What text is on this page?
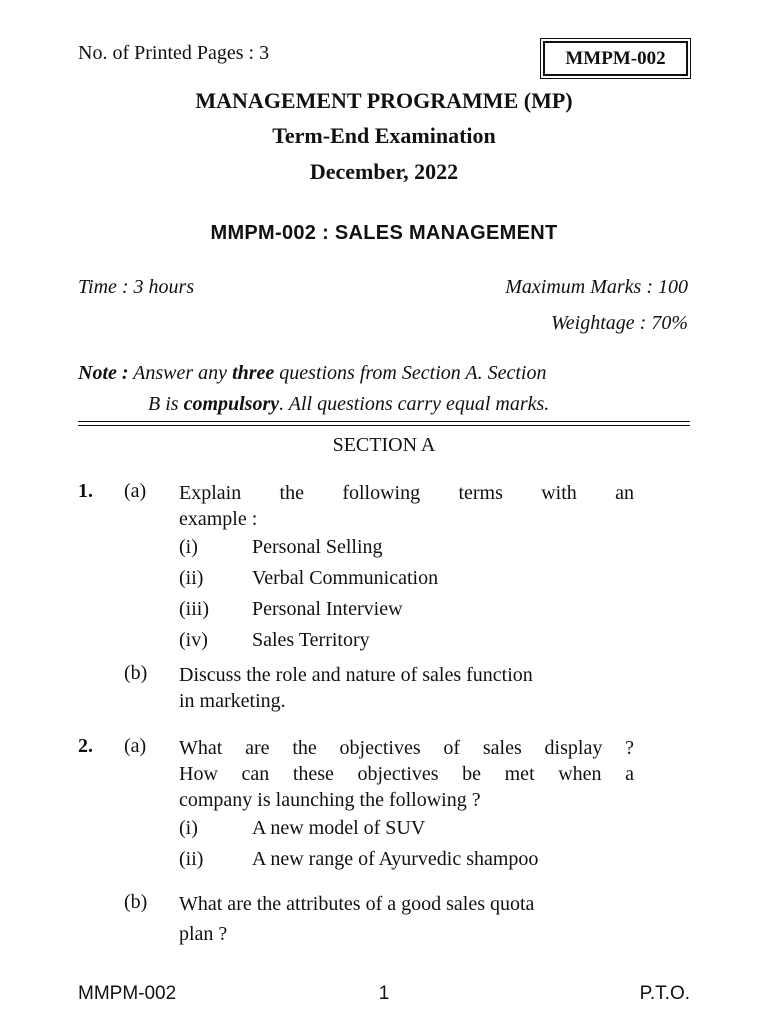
No. of Printed Pages : 3	MMPM-002
MANAGEMENT PROGRAMME (MP)
Term-End Examination
December, 2022
MMPM-002 : SALES MANAGEMENT
Time : 3 hours	Maximum Marks : 100
Weightage : 70%
Note : Answer any three questions from Section A. Section
B is compulsory. All questions carry equal marks.
SECTION A
1. (a) Explain the following terms with an
example :
(i)	Personal Selling
(ii) Verbal Communication
(iii) Personal Interview
(iv) Sales Territory
(b) Discuss the role and nature of sales function
in marketing.
2. (a) What are the objectives of sales display ?
How can these objectives be met when a
company is launching the following ?
(i)	A new model of SUV
(ii) A new range of Ayurvedic shampoo
(b) What are the attributes of a good sales quota
plan ?
MMPM-002	1	P.T.O.
